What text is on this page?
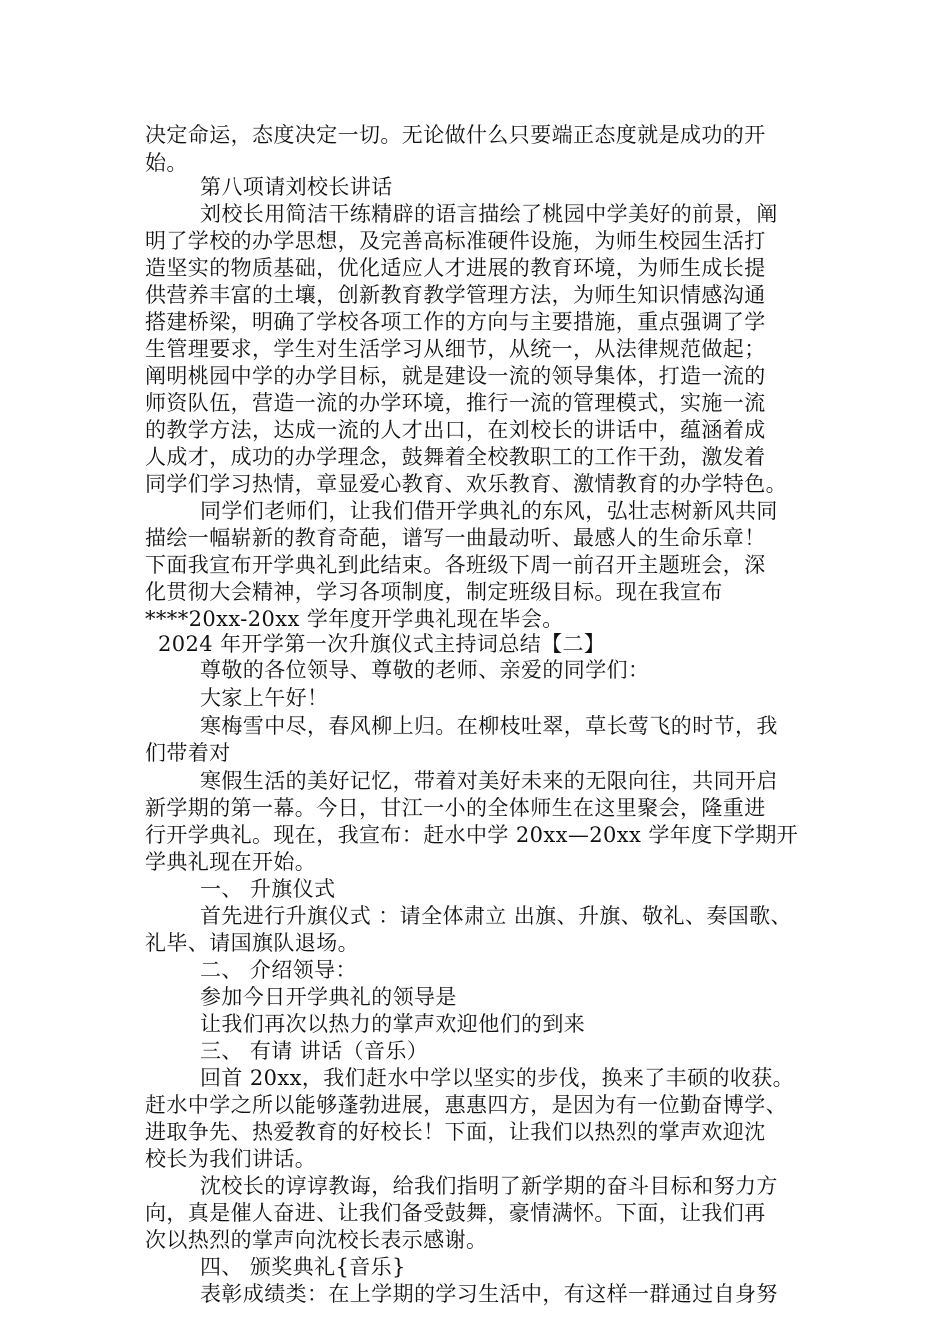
决定命运，态度决定一切。无论做什么只要端正态度就是成功的开
始。
第八项请刘校长讲话
刘校长用简洁干练精辟的语言描绘了桃园中学美好的前景，阐
明了学校的办学思想，及完善高标准硬件设施，为师生校园生活打
造坚实的物质基础，优化适应人才进展的教育环境，为师生成长提
供营养丰富的土壤，创新教育教学管理方法，为师生知识情感沟通
搭建桥梁，明确了学校各项工作的方向与主要措施，重点强调了学
生管理要求，学生对生活学习从细节，从统一，从法律规范做起；
阐明桃园中学的办学目标，就是建设一流的领导集体，打造一流的
师资队伍，营造一流的办学环境，推行一流的管理模式，实施一流
的教学方法，达成一流的人才出口，在刘校长的讲话中，蕴涵着成
人成才，成功的办学理念，鼓舞着全校教职工的工作干劲，激发着
同学们学习热情，章显爱心教育、欢乐教育、激情教育的办学特色。
同学们老师们，让我们借开学典礼的东风，弘壮志树新风共同
描绘一幅崭新的教育奇葩，谱写一曲最动听、最感人的生命乐章！
下面我宣布开学典礼到此结束。各班级下周一前召开主题班会，深
化贯彻大会精神，学习各项制度，制定班级目标。现在我宣布
****20xx-20xx 学年度开学典礼现在毕会。
2024 年开学第一次升旗仪式主持词总结【二】
尊敬的各位领导、尊敬的老师、亲爱的同学们：
大家上午好！
寒梅雪中尽，春风柳上归。在柳枝吐翠，草长莺飞的时节，我
们带着对
寒假生活的美好记忆，带着对美好未来的无限向往，共同开启
新学期的第一幕。今日，甘江一小的全体师生在这里聚会，隆重进
行开学典礼。现在，我宣布：赶水中学 20xx—20xx 学年度下学期开
学典礼现在开始。
一、 升旗仪式
首先进行升旗仪式 ：请全体肃立 出旗、升旗、敬礼、奏国歌、
礼毕、请国旗队退场。
二、 介绍领导：
参加今日开学典礼的领导是
让我们再次以热力的掌声欢迎他们的到来
三、 有请 讲话（音乐）
回首 20xx，我们赶水中学以坚实的步伐，换来了丰硕的收获。
赶水中学之所以能够蓬勃进展，惠惠四方，是因为有一位勤奋博学、
进取争先、热爱教育的好校长！下面，让我们以热烈的掌声欢迎沈
校长为我们讲话。
沈校长的谆谆教诲，给我们指明了新学期的奋斗目标和努力方
向，真是催人奋进、让我们备受鼓舞，豪情满怀。下面，让我们再
次以热烈的掌声向沈校长表示感谢。
四、 颁奖典礼{音乐}
表彰成绩类：在上学期的学习生活中，有这样一群通过自身努
